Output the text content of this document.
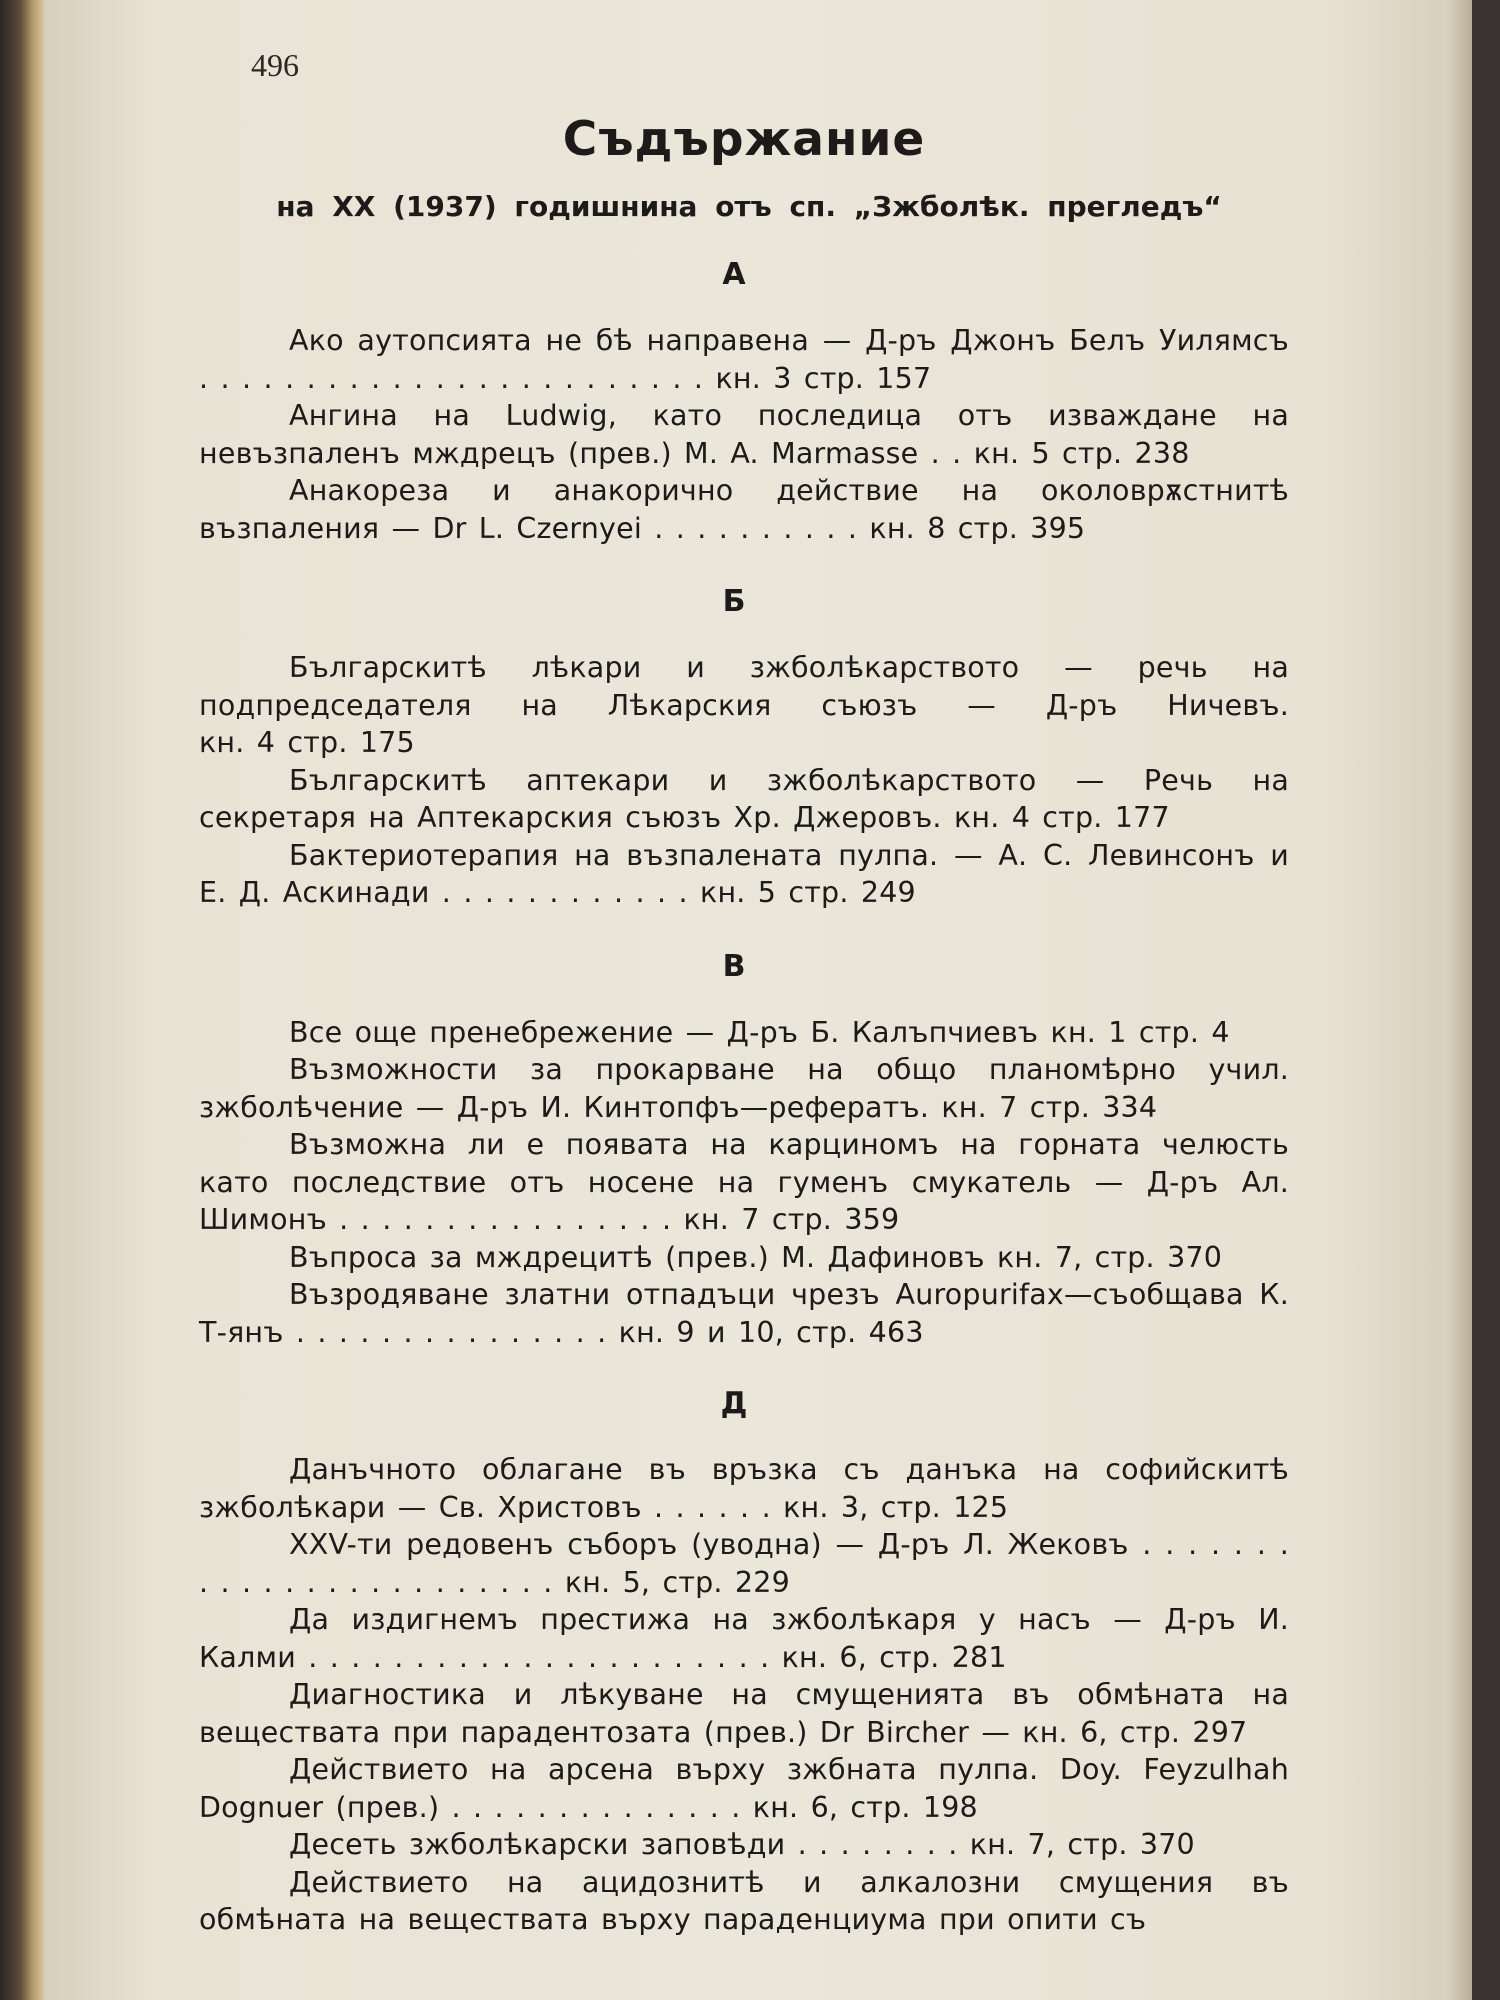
496
Съдържание
на XX (1937) годишнина отъ сп. „Зжболѣк. прегледъ“
А
Ако аутопсията не бѣ направена — Д-ръ Джонъ Белъ Уилямсъ . . . . . . . . . . . . . . . . . . . . . . . . кн. 3 стр. 157
Ангина на Ludwig, като последица отъ изваждане на невъзпаленъ мждрецъ (прев.) M. A. Marmasse . . кн. 5 стр. 238
Анакореза и анакорично действие на околоврѫстнитѣ възпаления — Dr L. Czernyei . . . . . . . . . . кн. 8 стр. 395
Б
Българскитѣ лѣкари и зжболѣкарството — речь на подпредседателя на Лѣкарския съюзъ — Д-ръ Ничевъ. кн. 4 стр. 175
Българскитѣ аптекари и зжболѣкарството — Речь на секретаря на Аптекарския съюзъ Хр. Джеровъ. кн. 4 стр. 177
Бактериотерапия на възпалената пулпа. — А. С. Левинсонъ и Е. Д. Аскинади . . . . . . . . . . . . кн. 5 стр. 249
В
Все още пренебрежение — Д-ръ Б. Калъпчиевъ кн. 1 стр. 4
Възможности за прокарване на общо планомѣрно учил. зжболѣчение — Д-ръ И. Кинтопфъ—рефератъ. кн. 7 стр. 334
Възможна ли е появата на карциномъ на горната челюсть като последствие отъ носене на гуменъ смукатель — Д-ръ Ал. Шимонъ . . . . . . . . . . . . . . . . кн. 7 стр. 359
Въпроса за мждрецитѣ (прев.) М. Дафиновъ кн. 7, стр. 370
Възродяване златни отпадъци чрезъ Auropurifax—съобщава К. Т-янъ . . . . . . . . . . . . . . . кн. 9 и 10, стр. 463
Д
Данъчното облагане въ връзка съ данъка на софийскитѣ зжболѣкари — Св. Христовъ . . . . . . кн. 3, стр. 125
XXV-ти редовенъ съборъ (уводна) — Д-ръ Л. Жековъ . . . . . . . . . . . . . . . . . . . . . . . . кн. 5, стр. 229
Да издигнемъ престижа на зжболѣкаря у насъ — Д-ръ И. Калми . . . . . . . . . . . . . . . . . . . . . . кн. 6, стр. 281
Диагностика и лѣкуване на смущенията въ обмѣната на веществата при парадентозата (прев.) Dr Bircher — кн. 6, стр. 297
Действието на арсена върху зжбната пулпа. Doy. Feyzulhah Dognuer (прев.) . . . . . . . . . . . . . . кн. 6, стр. 198
Десеть зжболѣкарски заповѣди . . . . . . . . кн. 7, стр. 370
Действието на ацидознитѣ и алкалозни смущения въ обмѣната на веществата върху параденциума при опити съ
